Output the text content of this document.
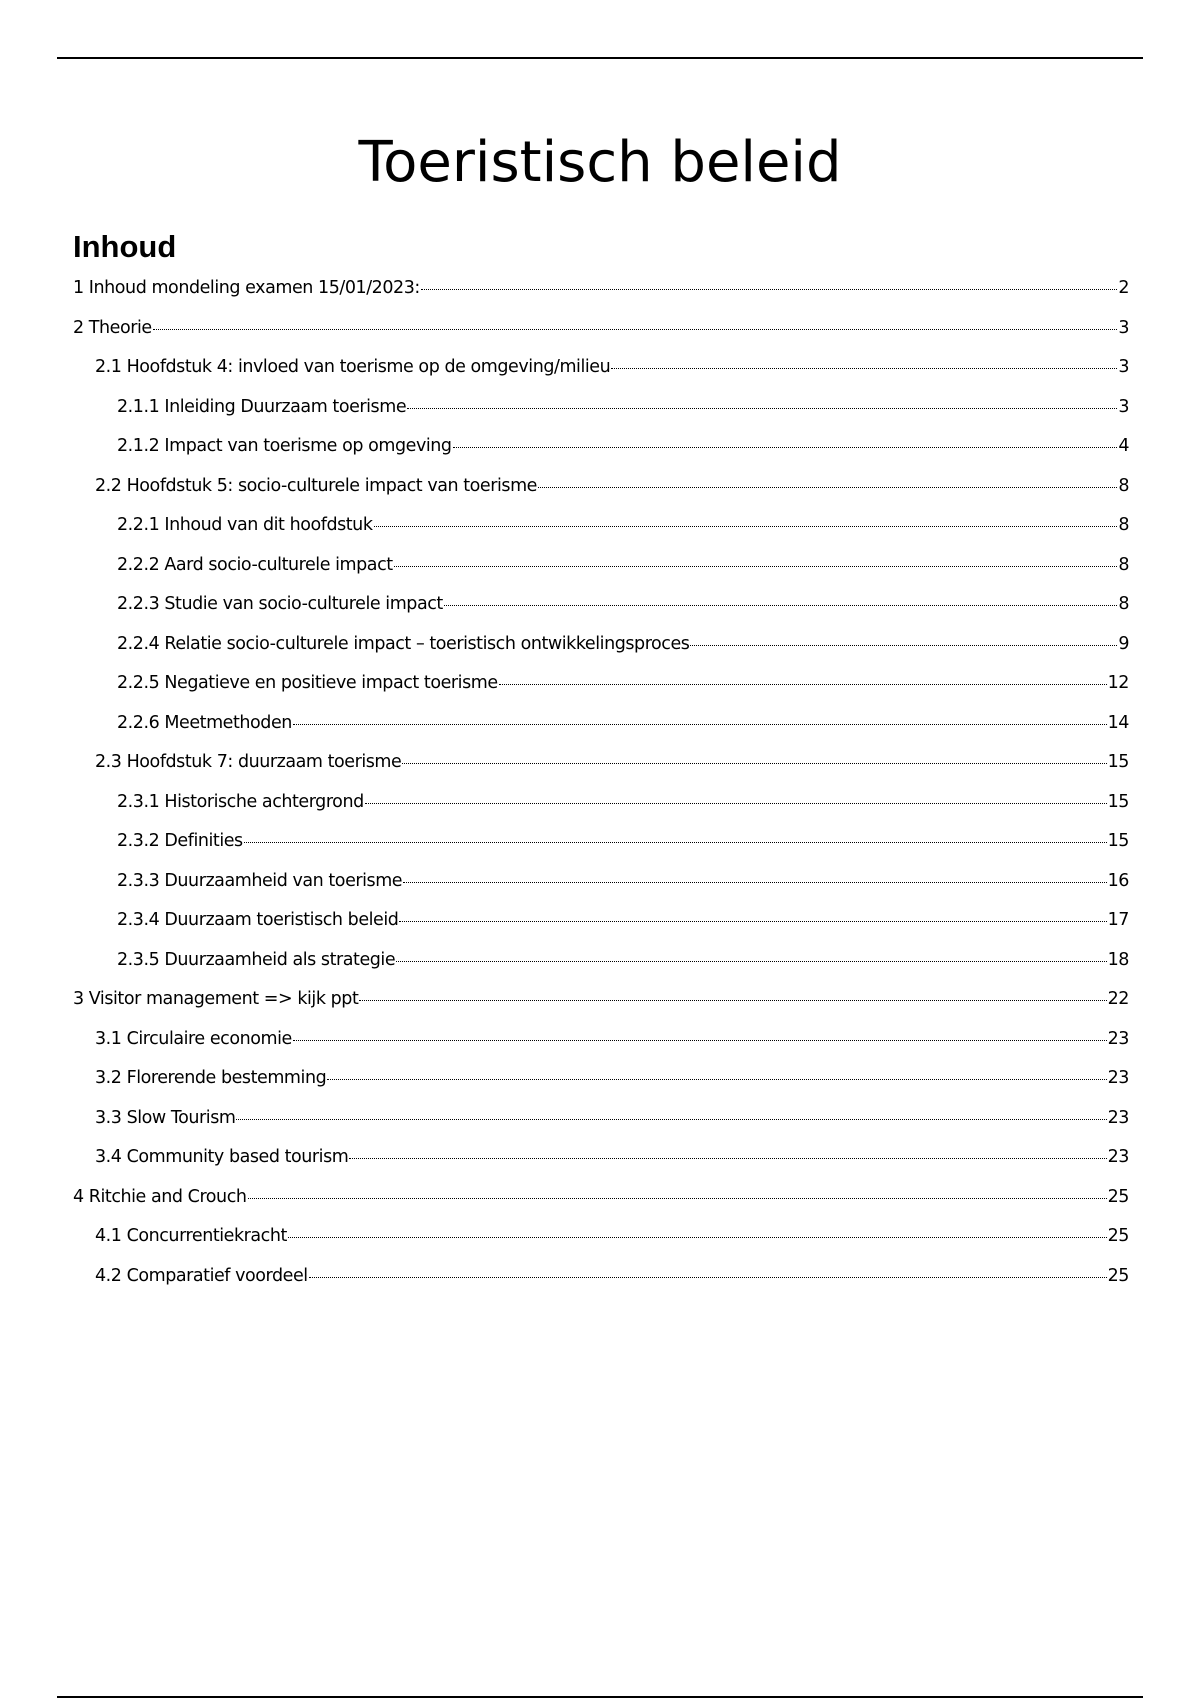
Toeristisch beleid
Inhoud
1 Inhoud mondeling examen 15/01/2023:	2
2 Theorie	3
2.1 Hoofdstuk 4: invloed van toerisme op de omgeving/milieu	3
2.1.1 Inleiding Duurzaam toerisme	3
2.1.2 Impact van toerisme op omgeving	4
2.2 Hoofdstuk 5: socio-culturele impact van toerisme	8
2.2.1 Inhoud van dit hoofdstuk	8
2.2.2 Aard socio-culturele impact	8
2.2.3 Studie van socio-culturele impact	8
2.2.4 Relatie socio-culturele impact – toeristisch ontwikkelingsproces	9
2.2.5 Negatieve en positieve impact toerisme	12
2.2.6 Meetmethoden	14
2.3 Hoofdstuk 7: duurzaam toerisme	15
2.3.1 Historische achtergrond	15
2.3.2 Definities	15
2.3.3 Duurzaamheid van toerisme	16
2.3.4 Duurzaam toeristisch beleid	17
2.3.5 Duurzaamheid als strategie	18
3 Visitor management => kijk ppt	22
3.1 Circulaire economie	23
3.2 Florerende bestemming	23
3.3 Slow Tourism	23
3.4 Community based tourism	23
4 Ritchie and Crouch	25
4.1 Concurrentiekracht	25
4.2 Comparatief voordeel	25
